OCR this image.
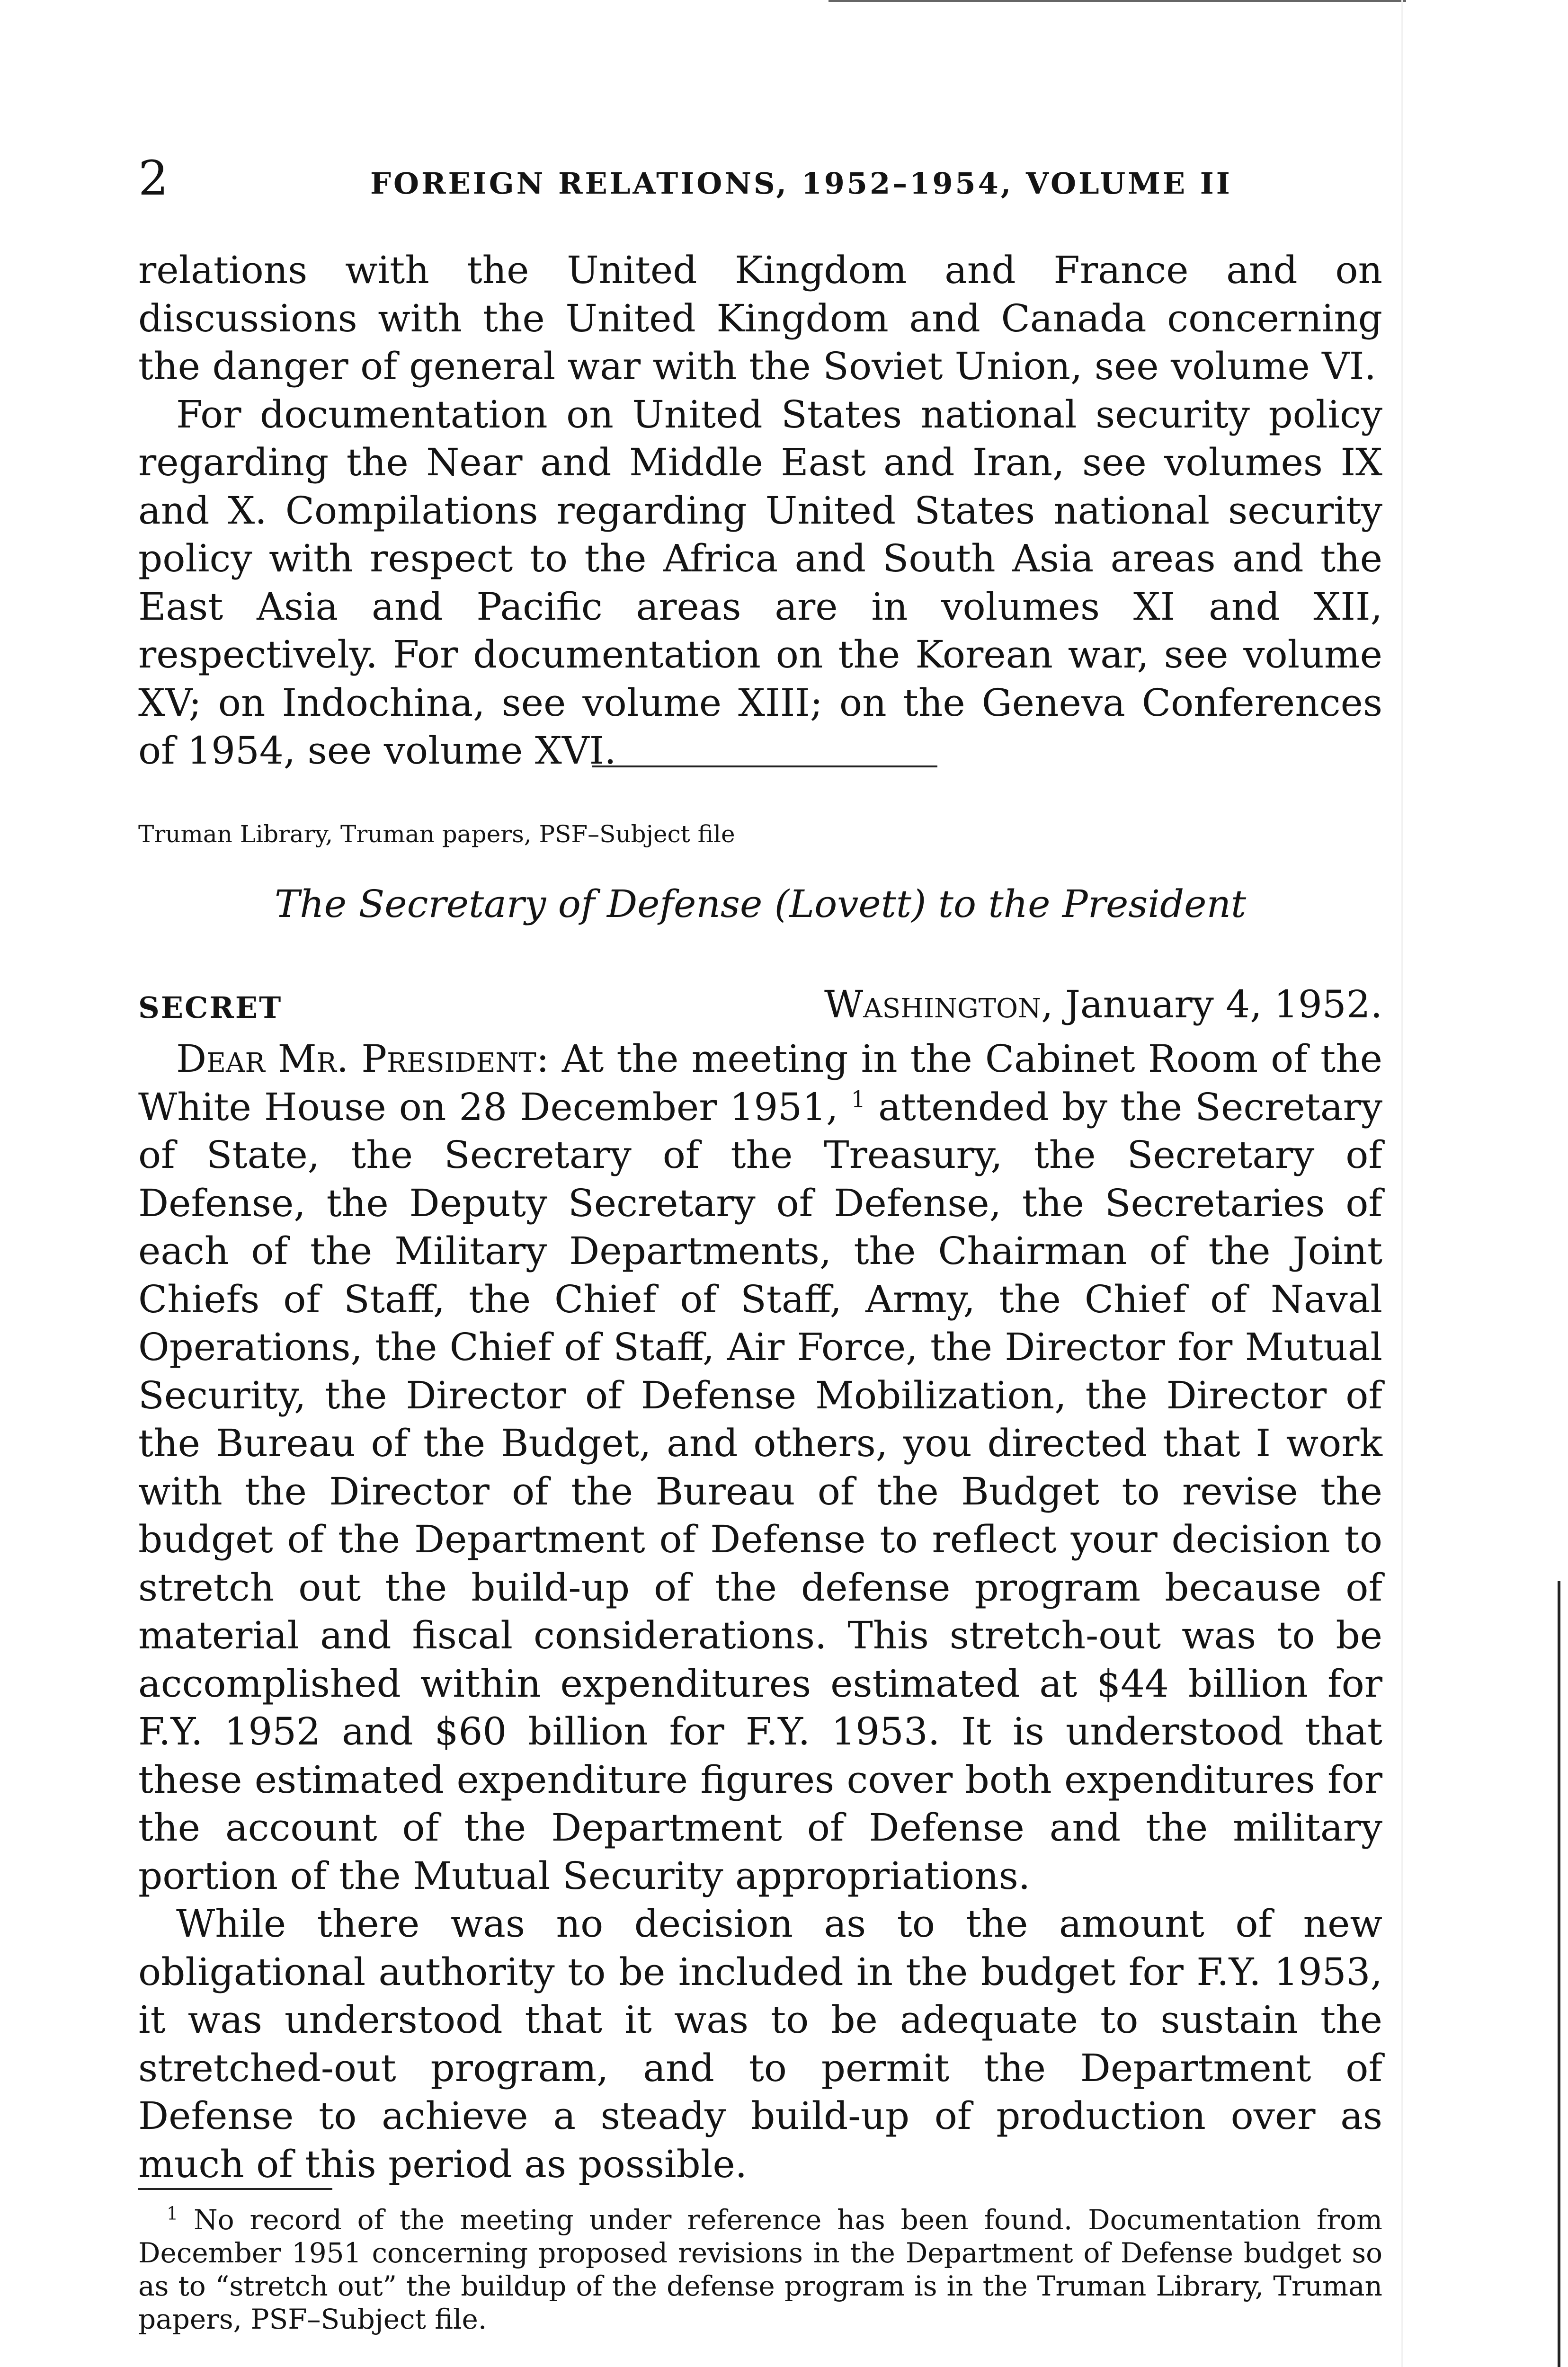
2	FOREIGN RELATIONS, 1952–1954, VOLUME II

relations with the United Kingdom and France and on discussions with the United Kingdom and Canada concerning the danger of general war with the Soviet Union, see volume VI.

For documentation on United States national security policy regarding the Near and Middle East and Iran, see volumes IX and X. Compilations regarding United States national security policy with respect to the Africa and South Asia areas and the East Asia and Pacific areas are in volumes XI and XII, respectively. For documentation on the Korean war, see volume XV; on Indochina, see volume XIII; on the Geneva Conferences of 1954, see volume XVI.

Truman Library, Truman papers, PSF–Subject file
The Secretary of Defense (Lovett) to the President
SECRET	Washington, January 4, 1952.

Dear Mr. President: At the meeting in the Cabinet Room of the White House on 28 December 1951, $^1$ attended by the Secretary of State, the Secretary of the Treasury, the Secretary of Defense, the Deputy Secretary of Defense, the Secretaries of each of the Military Departments, the Chairman of the Joint Chiefs of Staff, the Chief of Staff, Army, the Chief of Naval Operations, the Chief of Staff, Air Force, the Director for Mutual Security, the Director of Defense Mobilization, the Director of the Bureau of the Budget, and others, you directed that I work with the Director of the Bureau of the Budget to revise the budget of the Department of Defense to reflect your decision to stretch out the build-up of the defense program because of material and fiscal considerations. This stretch-out was to be accomplished within expenditures estimated at $44 billion for F.Y. 1952 and $60 billion for F.Y. 1953. It is understood that these estimated expenditure figures cover both expenditures for the account of the Department of Defense and the military portion of the Mutual Security appropriations.

While there was no decision as to the amount of new obligational authority to be included in the budget for F.Y. 1953, it was understood that it was to be adequate to sustain the stretched-out program, and to permit the Department of Defense to achieve a steady build-up of production over as much of this period as possible.

$^1$ No record of the meeting under reference has been found. Documentation from December 1951 concerning proposed revisions in the Department of Defense budget so as to “stretch out” the buildup of the defense program is in the Truman Library, Truman papers, PSF–Subject file.
